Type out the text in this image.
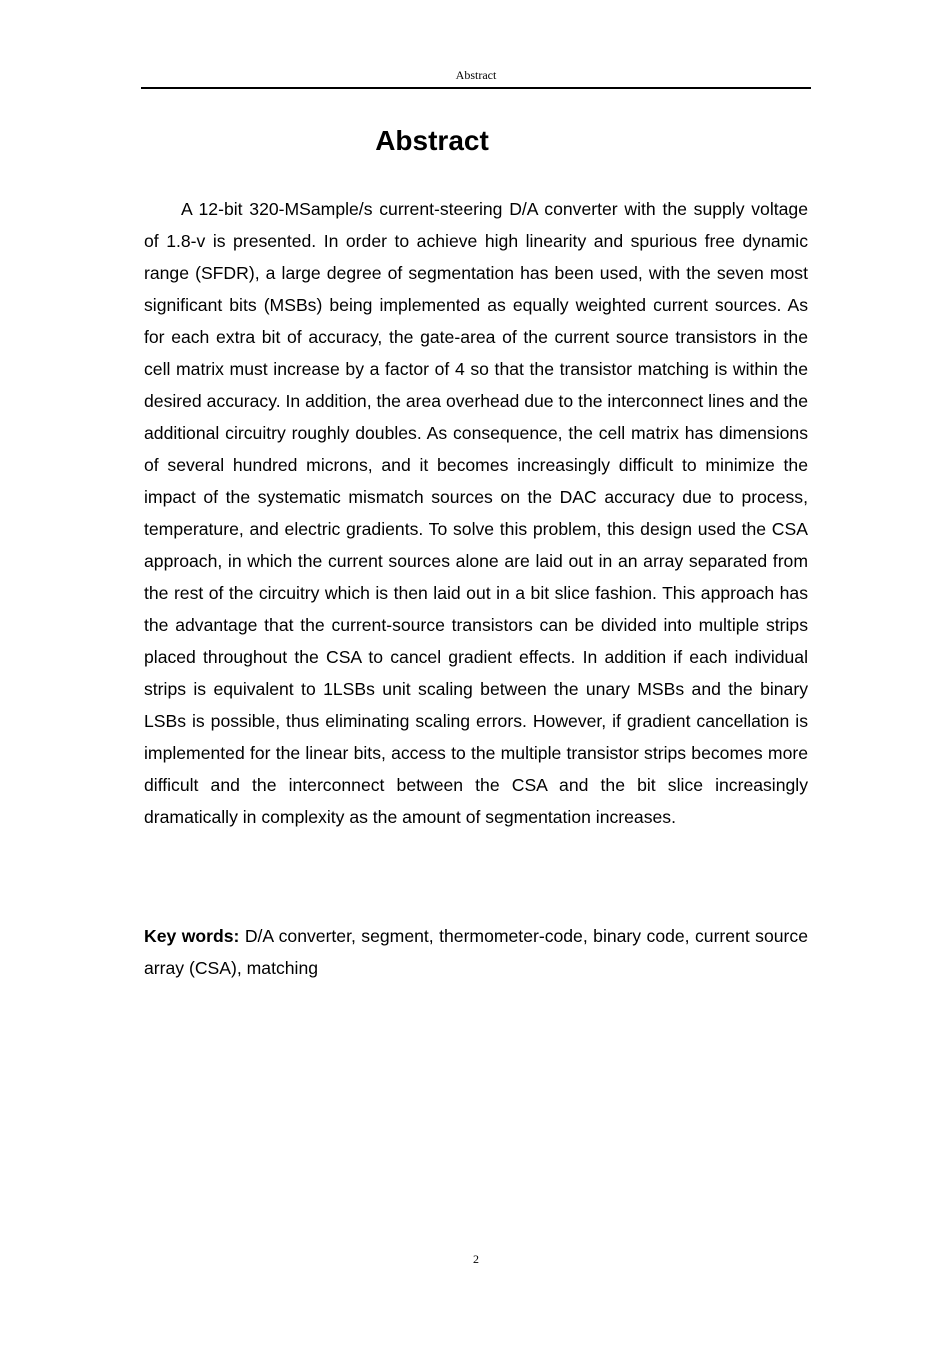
Abstract
Abstract

A 12-bit 320-MSample/s current-steering D/A converter with the supply voltage of 1.8-v is presented. In order to achieve high linearity and spurious free dynamic range (SFDR), a large degree of segmentation has been used, with the seven most significant bits (MSBs) being implemented as equally weighted current sources. As for each extra bit of accuracy, the gate-area of the current source transistors in the cell matrix must increase by a factor of 4 so that the transistor matching is within the desired accuracy. In addition, the area overhead due to the interconnect lines and the additional circuitry roughly doubles. As consequence, the cell matrix has dimensions of several hundred microns, and it becomes increasingly difficult to minimize the impact of the systematic mismatch sources on the DAC accuracy due to process, temperature, and electric gradients. To solve this problem, this design used the CSA approach, in which the current sources alone are laid out in an array separated from the rest of the circuitry which is then laid out in a bit slice fashion. This approach has the advantage that the current-source transistors can be divided into multiple strips placed throughout the CSA to cancel gradient effects. In addition if each individual strips is equivalent to 1LSBs unit scaling between the unary MSBs and the binary LSBs is possible, thus eliminating scaling errors. However, if gradient cancellation is implemented for the linear bits, access to the multiple transistor strips becomes more difficult and the interconnect between the CSA and the bit slice increasingly dramatically in complexity as the amount of segmentation increases.

Key words: D/A converter, segment, thermometer-code, binary code, current source array (CSA), matching

2
